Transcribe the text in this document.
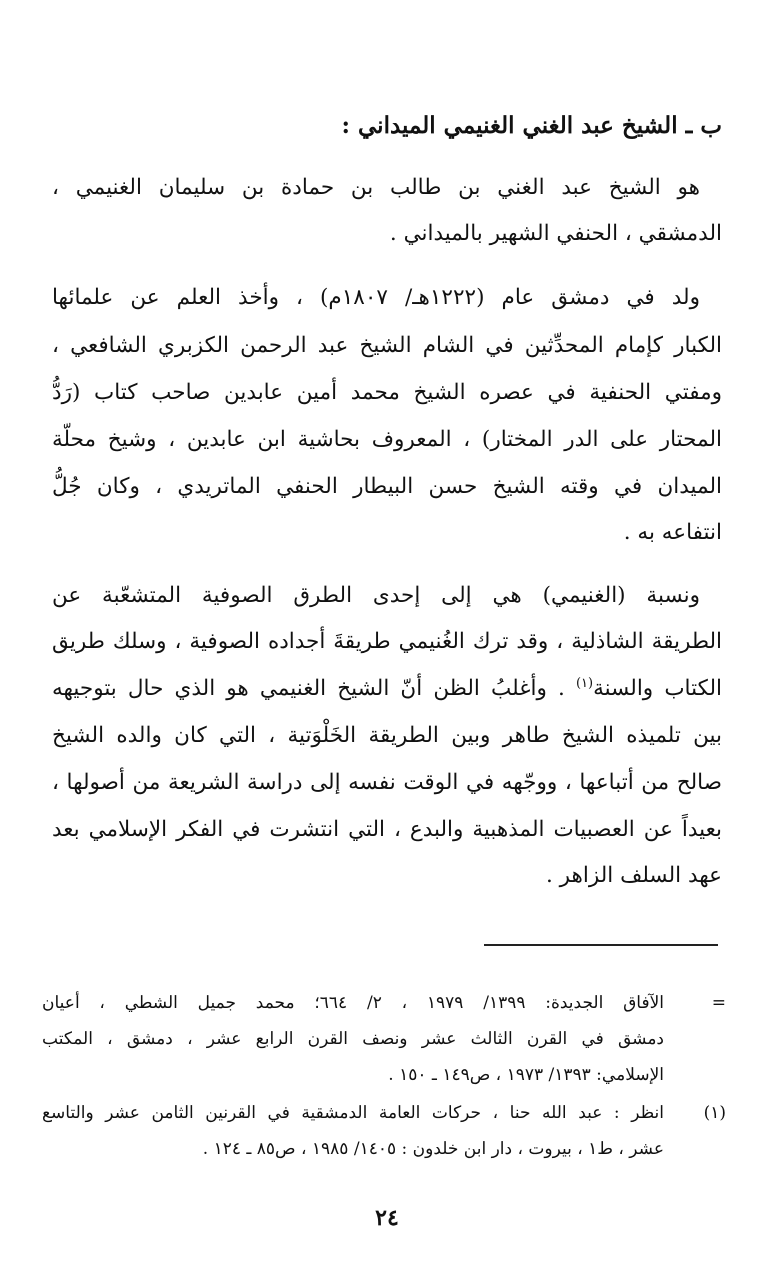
ب ـ الشيخ عبد الغني الغنيمي الميداني :
هو الشيخ عبد الغني بن طالب بن حمادة بن سليمان الغنيمي ،
الدمشقي ، الحنفي الشهير بالميداني .
ولد في دمشق عام (١٢٢٢هـ/ ١٨٠٧م) ، وأخذ العلم عن علمائها
الكبار كإمام المحدِّثين في الشام الشيخ عبد الرحمن الكزبري الشافعي ،
ومفتي الحنفية في عصره الشيخ محمد أمين عابدين صاحب كتاب (رَدُّ
المحتار على الدر المختار) ، المعروف بحاشية ابن عابدين ، وشيخ محلّة
الميدان في وقته الشيخ حسن البيطار الحنفي الماتريدي ، وكان جُلُّ
انتفاعه به .
ونسبة (الغنيمي) هي إلى إحدى الطرق الصوفية المتشعّبة عن
الطريقة الشاذلية ، وقد ترك الغُنيمي طريقةَ أجداده الصوفية ، وسلك طريق
الكتاب والسنة$^{(١)}$ . وأغلبُ الظن أنّ الشيخ الغنيمي هو الذي حال بتوجيهه
بين تلميذه الشيخ طاهر وبين الطريقة الخَلْوَتية ، التي كان والده الشيخ
صالح من أتباعها ، ووجّهه في الوقت نفسه إلى دراسة الشريعة من أصولها ،
بعيداً عن العصبيات المذهبية والبدع ، التي انتشرت في الفكر الإسلامي بعد
عهد السلف الزاهر .
=
الآفاق الجديدة: ١٣٩٩/ ١٩٧٩ ، ٢/ ٦٦٤؛ محمد جميل الشطي ، أعيان
دمشق في القرن الثالث عشر ونصف القرن الرابع عشر ، دمشق ، المكتب
الإسلامي: ١٣٩٣/ ١٩٧٣ ، ص١٤٩ ـ ١٥٠ .
(١)
انظر : عبد الله حنا ، حركات العامة الدمشقية في القرنين الثامن عشر والتاسع
عشر ، ط١ ، بيروت ، دار ابن خلدون : ١٤٠٥/ ١٩٨٥ ، ص٨٥ ـ ١٢٤ .
٢٤
